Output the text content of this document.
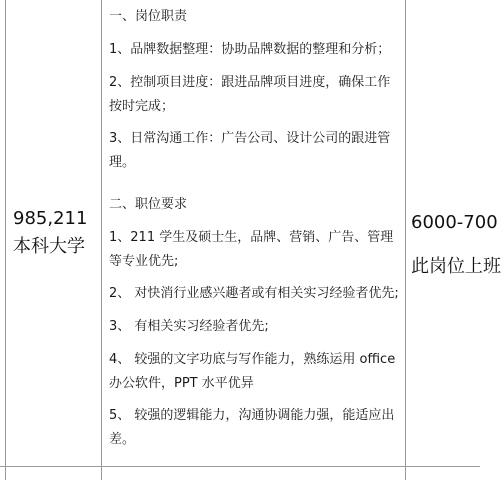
985,211
本科大学

一、岗位职责

1、品牌数据整理：协助品牌数据的整理和分析；

2、控制项目进度：跟进品牌项目进度，确保工作按时完成；

3、日常沟通工作：广告公司、设计公司的跟进管理。

二、职位要求

1、211 学生及硕士生，品牌、营销、广告、管理等专业优先;

2、 对快消行业感兴趣者或有相关实习经验者优先;

3、 有相关实习经验者优先;

4、 较强的文字功底与写作能力，熟练运用 office 办公软件，PPT 水平优异

5、 较强的逻辑能力，沟通协调能力强，能适应出差。

6000-700
此岗位上班
